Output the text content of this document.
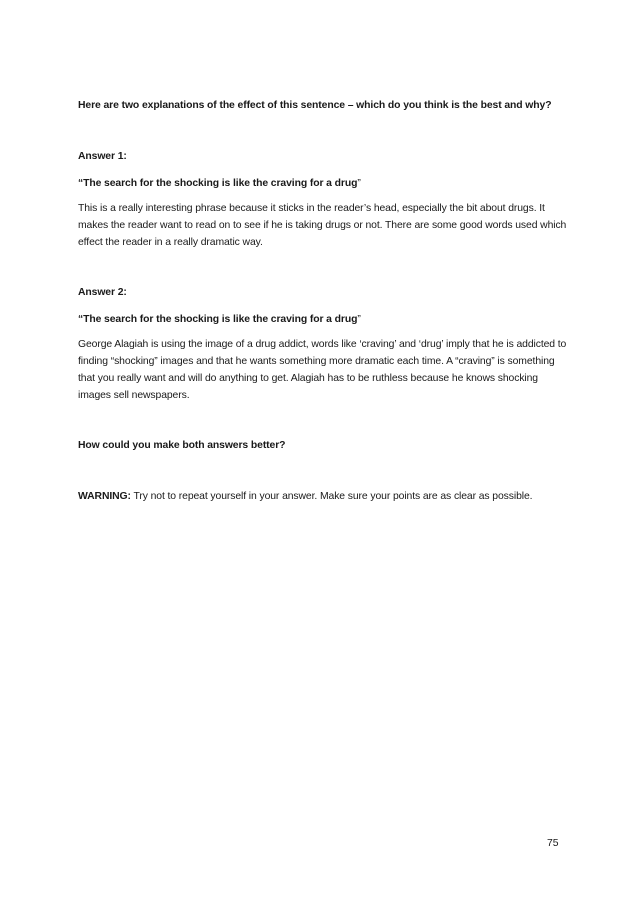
Here are two explanations of the effect of this sentence – which do you think is the best and why?

Answer 1:

“The search for the shocking is like the craving for a drug”

This is a really interesting phrase because it sticks in the reader’s head, especially the bit about drugs. It makes the reader want to read on to see if he is taking drugs or not. There are some good words used which effect the reader in a really dramatic way.

Answer 2:

“The search for the shocking is like the craving for a drug”

George Alagiah is using the image of a drug addict, words like ‘craving’ and ‘drug’ imply that he is addicted to finding “shocking” images and that he wants something more dramatic each time. A “craving” is something that you really want and will do anything to get. Alagiah has to be ruthless because he knows shocking images sell newspapers.

How could you make both answers better?

WARNING: Try not to repeat yourself in your answer. Make sure your points are as clear as possible.

75
